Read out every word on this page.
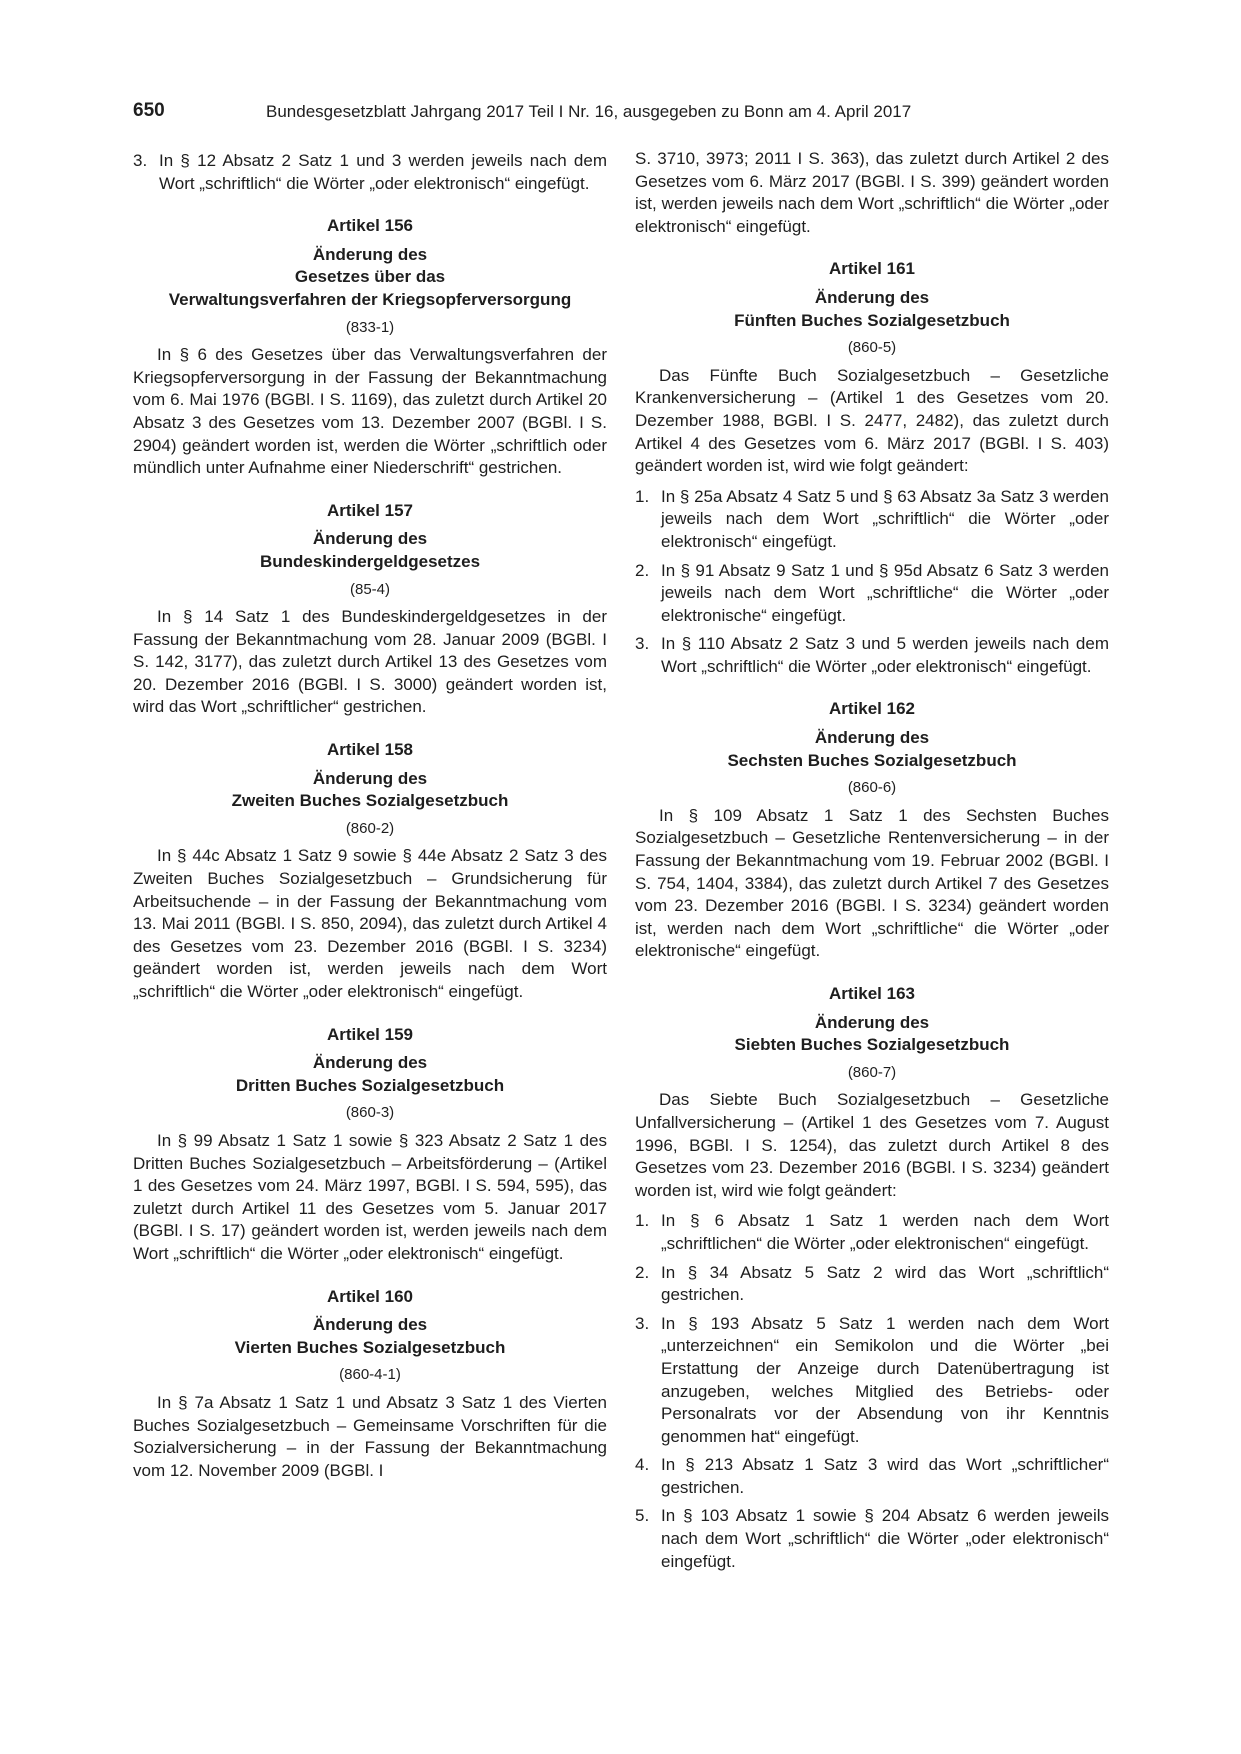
650	Bundesgesetzblatt Jahrgang 2017 Teil I Nr. 16, ausgegeben zu Bonn am 4. April 2017
3. In § 12 Absatz 2 Satz 1 und 3 werden jeweils nach dem Wort „schriftlich“ die Wörter „oder elektronisch“ eingefügt.
Artikel 156
Änderung des
Gesetzes über das
Verwaltungsverfahren der Kriegsopferversorgung
(833-1)

In § 6 des Gesetzes über das Verwaltungsverfahren der Kriegsopferversorgung in der Fassung der Bekanntmachung vom 6. Mai 1976 (BGBl. I S. 1169), das zuletzt durch Artikel 20 Absatz 3 des Gesetzes vom 13. Dezember 2007 (BGBl. I S. 2904) geändert worden ist, werden die Wörter „schriftlich oder mündlich unter Aufnahme einer Niederschrift“ gestrichen.

Artikel 157
Änderung des
Bundeskindergeldgesetzes
(85-4)

In § 14 Satz 1 des Bundeskindergeldgesetzes in der Fassung der Bekanntmachung vom 28. Januar 2009 (BGBl. I S. 142, 3177), das zuletzt durch Artikel 13 des Gesetzes vom 20. Dezember 2016 (BGBl. I S. 3000) geändert worden ist, wird das Wort „schriftlicher“ gestrichen.

Artikel 158
Änderung des
Zweiten Buches Sozialgesetzbuch
(860-2)

In § 44c Absatz 1 Satz 9 sowie § 44e Absatz 2 Satz 3 des Zweiten Buches Sozialgesetzbuch – Grundsicherung für Arbeitsuchende – in der Fassung der Bekanntmachung vom 13. Mai 2011 (BGBl. I S. 850, 2094), das zuletzt durch Artikel 4 des Gesetzes vom 23. Dezember 2016 (BGBl. I S. 3234) geändert worden ist, werden jeweils nach dem Wort „schriftlich“ die Wörter „oder elektronisch“ eingefügt.

Artikel 159
Änderung des
Dritten Buches Sozialgesetzbuch
(860-3)

In § 99 Absatz 1 Satz 1 sowie § 323 Absatz 2 Satz 1 des Dritten Buches Sozialgesetzbuch – Arbeitsförderung – (Artikel 1 des Gesetzes vom 24. März 1997, BGBl. I S. 594, 595), das zuletzt durch Artikel 11 des Gesetzes vom 5. Januar 2017 (BGBl. I S. 17) geändert worden ist, werden jeweils nach dem Wort „schriftlich“ die Wörter „oder elektronisch“ eingefügt.

Artikel 160
Änderung des
Vierten Buches Sozialgesetzbuch
(860-4-1)

In § 7a Absatz 1 Satz 1 und Absatz 3 Satz 1 des Vierten Buches Sozialgesetzbuch – Gemeinsame Vorschriften für die Sozialversicherung – in der Fassung der Bekanntmachung vom 12. November 2009 (BGBl. I

S. 3710, 3973; 2011 I S. 363), das zuletzt durch Artikel 2 des Gesetzes vom 6. März 2017 (BGBl. I S. 399) geändert worden ist, werden jeweils nach dem Wort „schriftlich“ die Wörter „oder elektronisch“ eingefügt.

Artikel 161
Änderung des
Fünften Buches Sozialgesetzbuch
(860-5)

Das Fünfte Buch Sozialgesetzbuch – Gesetzliche Krankenversicherung – (Artikel 1 des Gesetzes vom 20. Dezember 1988, BGBl. I S. 2477, 2482), das zuletzt durch Artikel 4 des Gesetzes vom 6. März 2017 (BGBl. I S. 403) geändert worden ist, wird wie folgt geändert:

1. In § 25a Absatz 4 Satz 5 und § 63 Absatz 3a Satz 3 werden jeweils nach dem Wort „schriftlich“ die Wörter „oder elektronisch“ eingefügt.
2. In § 91 Absatz 9 Satz 1 und § 95d Absatz 6 Satz 3 werden jeweils nach dem Wort „schriftliche“ die Wörter „oder elektronische“ eingefügt.
3. In § 110 Absatz 2 Satz 3 und 5 werden jeweils nach dem Wort „schriftlich“ die Wörter „oder elektronisch“ eingefügt.
Artikel 162
Änderung des
Sechsten Buches Sozialgesetzbuch
(860-6)

In § 109 Absatz 1 Satz 1 des Sechsten Buches Sozialgesetzbuch – Gesetzliche Rentenversicherung – in der Fassung der Bekanntmachung vom 19. Februar 2002 (BGBl. I S. 754, 1404, 3384), das zuletzt durch Artikel 7 des Gesetzes vom 23. Dezember 2016 (BGBl. I S. 3234) geändert worden ist, werden nach dem Wort „schriftliche“ die Wörter „oder elektronische“ eingefügt.

Artikel 163
Änderung des
Siebten Buches Sozialgesetzbuch
(860-7)

Das Siebte Buch Sozialgesetzbuch – Gesetzliche Unfallversicherung – (Artikel 1 des Gesetzes vom 7. August 1996, BGBl. I S. 1254), das zuletzt durch Artikel 8 des Gesetzes vom 23. Dezember 2016 (BGBl. I S. 3234) geändert worden ist, wird wie folgt geändert:

1. In § 6 Absatz 1 Satz 1 werden nach dem Wort „schriftlichen“ die Wörter „oder elektronischen“ eingefügt.
2. In § 34 Absatz 5 Satz 2 wird das Wort „schriftlich“ gestrichen.
3. In § 193 Absatz 5 Satz 1 werden nach dem Wort „unterzeichnen“ ein Semikolon und die Wörter „bei Erstattung der Anzeige durch Datenübertragung ist anzugeben, welches Mitglied des Betriebs- oder Personalrats vor der Absendung von ihr Kenntnis genommen hat“ eingefügt.
4. In § 213 Absatz 1 Satz 3 wird das Wort „schriftlicher“ gestrichen.
5. In § 103 Absatz 1 sowie § 204 Absatz 6 werden jeweils nach dem Wort „schriftlich“ die Wörter „oder elektronisch“ eingefügt.
